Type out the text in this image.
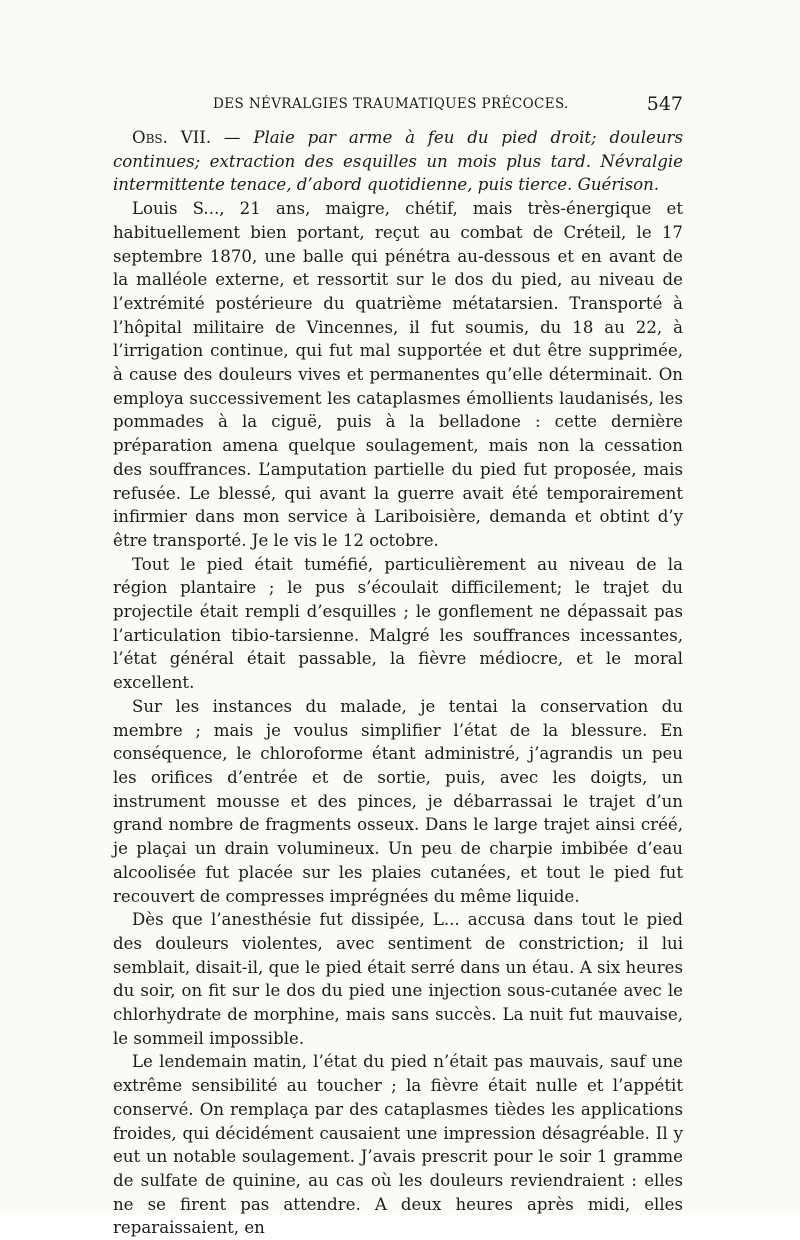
DES NÉVRALGIES TRAUMATIQUES PRÉCOCES.	547

Obs. VII. — Plaie par arme à feu du pied droit; douleurs continues; extraction des esquilles un mois plus tard. Névralgie intermittente tenace, d’abord quotidienne, puis tierce. Guérison.

Louis S..., 21 ans, maigre, chétif, mais très-énergique et habituellement bien portant, reçut au combat de Créteil, le 17 septembre 1870, une balle qui pénétra au-dessous et en avant de la malléole externe, et ressortit sur le dos du pied, au niveau de l’extrémité postérieure du quatrième métatarsien. Transporté à l’hôpital militaire de Vincennes, il fut soumis, du 18 au 22, à l’irrigation continue, qui fut mal supportée et dut être supprimée, à cause des douleurs vives et permanentes qu’elle déterminait. On employa successivement les cataplasmes émollients laudanisés, les pommades à la ciguë, puis à la belladone : cette dernière préparation amena quelque soulagement, mais non la cessation des souffrances. L’amputation partielle du pied fut proposée, mais refusée. Le blessé, qui avant la guerre avait été temporairement infirmier dans mon service à Lariboisière, demanda et obtint d’y être transporté. Je le vis le 12 octobre.

Tout le pied était tuméfié, particulièrement au niveau de la région plantaire ; le pus s’écoulait difficilement; le trajet du projectile était rempli d’esquilles ; le gonflement ne dépassait pas l’articulation tibio-tarsienne. Malgré les souffrances incessantes, l’état général était passable, la fièvre médiocre, et le moral excellent.

Sur les instances du malade, je tentai la conservation du membre ; mais je voulus simplifier l’état de la blessure. En conséquence, le chloroforme étant administré, j’agrandis un peu les orifices d’entrée et de sortie, puis, avec les doigts, un instrument mousse et des pinces, je débarrassai le trajet d’un grand nombre de fragments osseux. Dans le large trajet ainsi créé, je plaçai un drain volumineux. Un peu de charpie imbibée d’eau alcoolisée fut placée sur les plaies cutanées, et tout le pied fut recouvert de compresses imprégnées du même liquide.

Dès que l’anesthésie fut dissipée, L... accusa dans tout le pied des douleurs violentes, avec sentiment de constriction; il lui semblait, disait-il, que le pied était serré dans un étau. A six heures du soir, on fit sur le dos du pied une injection sous-cutanée avec le chlorhydrate de morphine, mais sans succès. La nuit fut mauvaise, le sommeil impossible.

Le lendemain matin, l’état du pied n’était pas mauvais, sauf une extrême sensibilité au toucher ; la fièvre était nulle et l’appétit conservé. On remplaça par des cataplasmes tièdes les applications froides, qui décidément causaient une impression désagréable. Il y eut un notable soulagement. J’avais prescrit pour le soir 1 gramme de sulfate de quinine, au cas où les douleurs reviendraient : elles ne se firent pas attendre. A deux heures après midi, elles reparaissaient, en
